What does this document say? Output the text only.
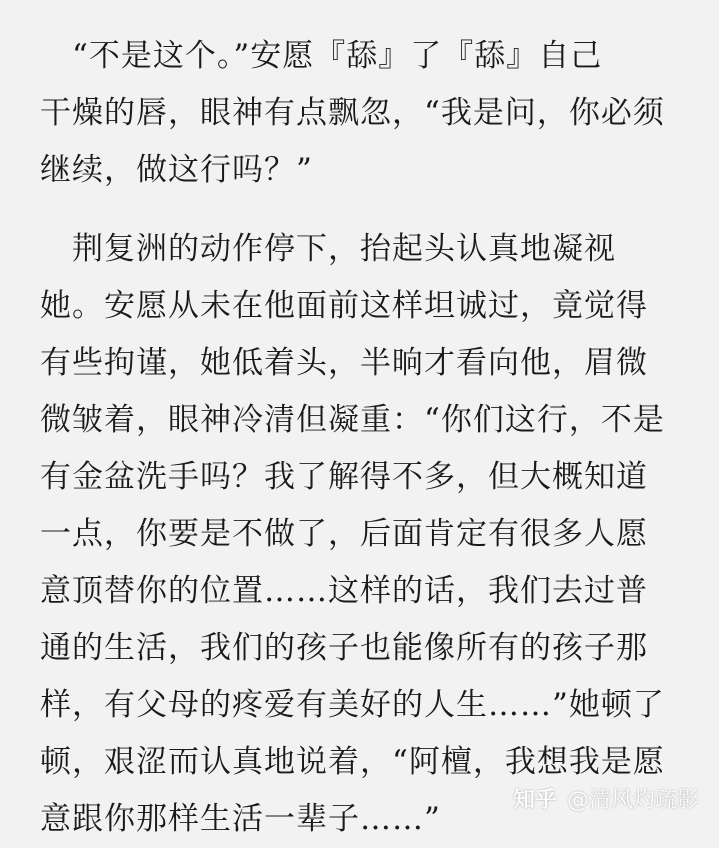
　“不是这个。”安愿『舔』了『舔』自己
干燥的唇，眼神有点飘忽，“我是问，你必须
继续，做这行吗？”
　荆复洲的动作停下，抬起头认真地凝视
她。安愿从未在他面前这样坦诚过，竟觉得
有些拘谨，她低着头，半晌才看向他，眉微
微皱着，眼神冷清但凝重：“你们这行，不是
有金盆洗手吗？我了解得不多，但大概知道
一点，你要是不做了，后面肯定有很多人愿
意顶替你的位置……这样的话，我们去过普
通的生活，我们的孩子也能像所有的孩子那
样，有父母的疼爱有美好的人生……”她顿了
顿，艰涩而认真地说着，“阿檀，我想我是愿
意跟你那样生活一辈子……”
知乎 @清风灼疏影
